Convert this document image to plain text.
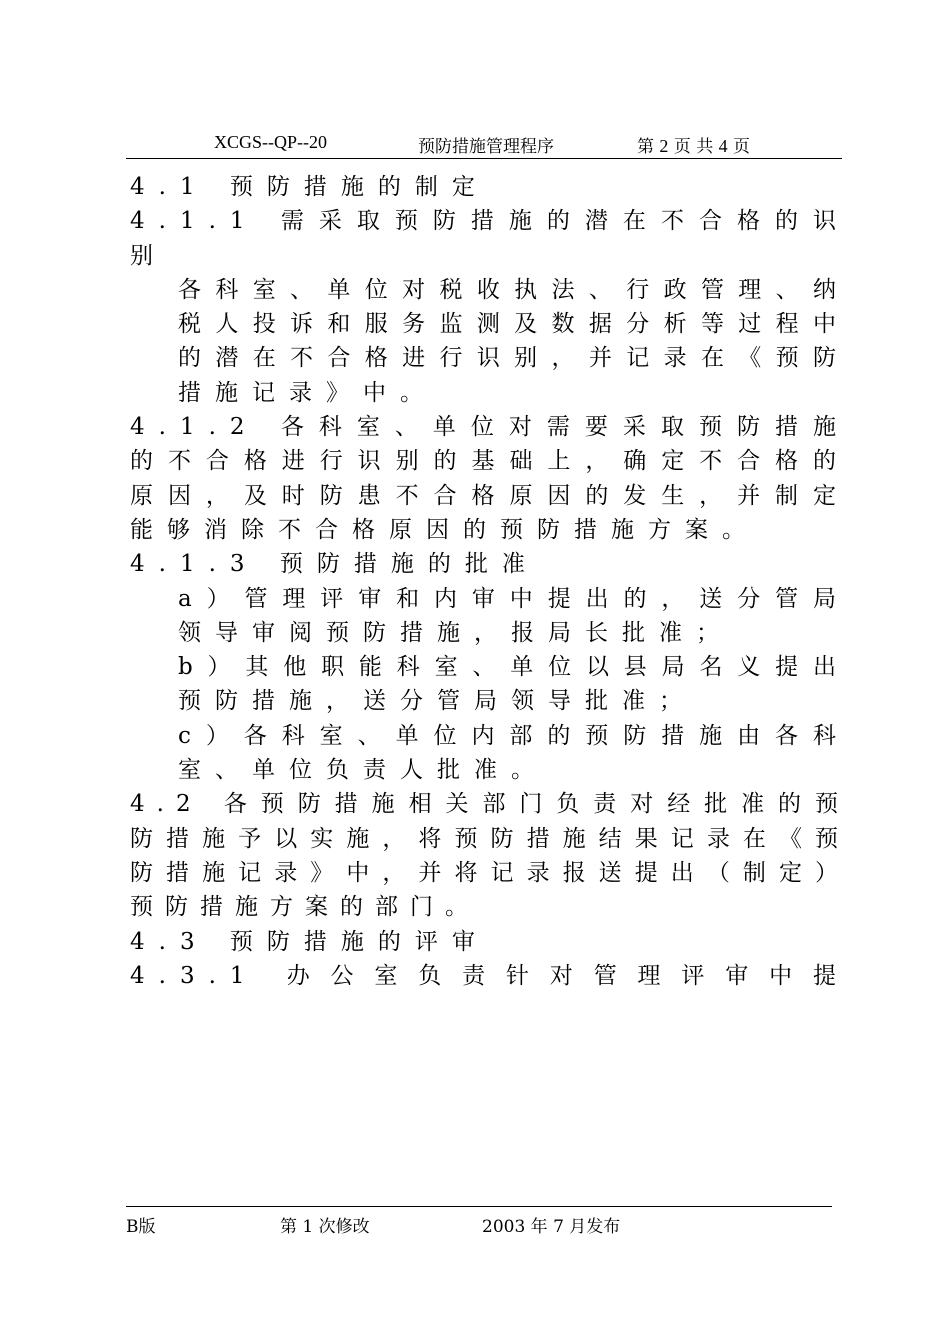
XCGS--QP--20	预防措施管理程序	第 2 页 共 4 页
4.1 预防措施的制定
4.1.1 需采取预防措施的潜在不合格的识别
各科室、单位对税收执法、行政管理、纳税人投诉和服务监测及数据分析等过程中的潜在不合格进行识别，并记录在《预防措施记录》中。
4.1.2 各科室、单位对需要采取预防措施的不合格进行识别的基础上，确定不合格的原因，及时防患不合格原因的发生，并制定能够消除不合格原因的预防措施方案。
4.1.3 预防措施的批准
a）管理评审和内审中提出的，送分管局领导审阅预防措施，报局长批准；
b）其他职能科室、单位以县局名义提出预防措施，送分管局领导批准；
c）各科室、单位内部的预防措施由各科室、单位负责人批准。
4.2 各预防措施相关部门负责对经批准的预防措施予以实施，将预防措施结果记录在《预防措施记录》中，并将记录报送提出（制定）预防措施方案的部门。
4.3 预防措施的评审
4.3.1 办公室负责针对管理评审中提
B版	第 1 次修改	2003 年 7 月发布
